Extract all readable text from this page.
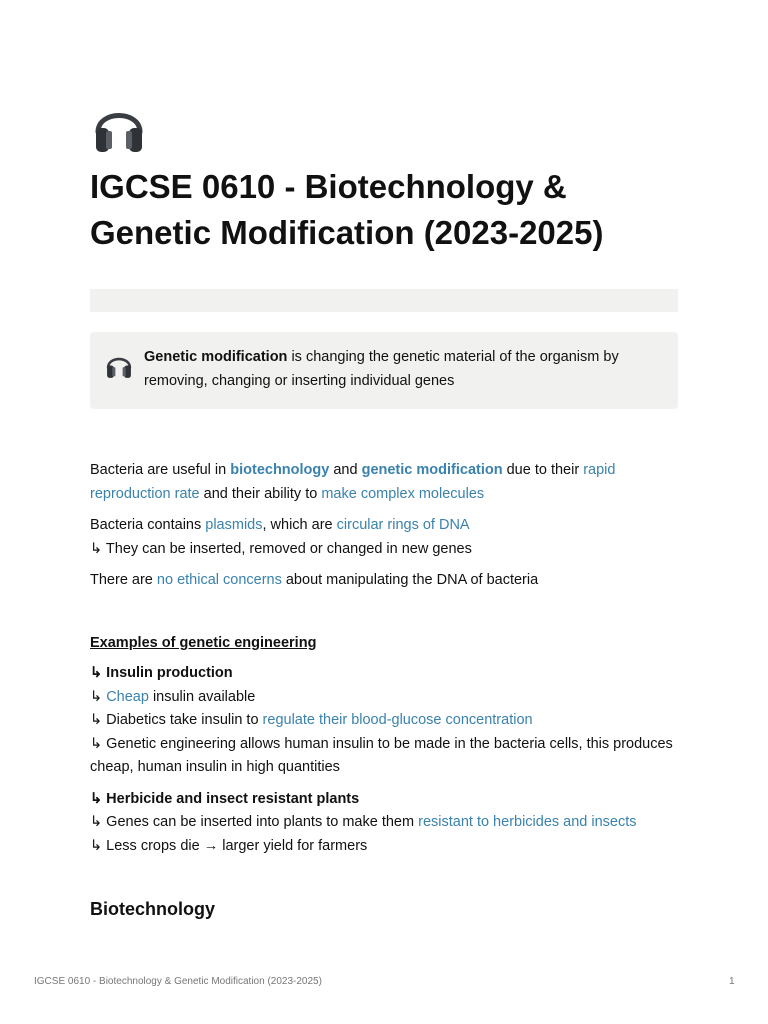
IGCSE 0610 - Biotechnology & Genetic Modification (2023-2025)
Genetic modification is changing the genetic material of the organism by removing, changing or inserting individual genes

Bacteria are useful in biotechnology and genetic modification due to their rapid reproduction rate and their ability to make complex molecules

Bacteria contains plasmids, which are circular rings of DNA
↳ They can be inserted, removed or changed in new genes

There are no ethical concerns about manipulating the DNA of bacteria

Examples of genetic engineering

↳ Insulin production
↳ Cheap insulin available
↳ Diabetics take insulin to regulate their blood-glucose concentration
↳ Genetic engineering allows human insulin to be made in the bacteria cells, this produces cheap, human insulin in high quantities

↳ Herbicide and insect resistant plants
↳ Genes can be inserted into plants to make them resistant to herbicides and insects
↳ Less crops die → larger yield for farmers

Biotechnology
IGCSE 0610 - Biotechnology & Genetic Modification (2023-2025)	1
